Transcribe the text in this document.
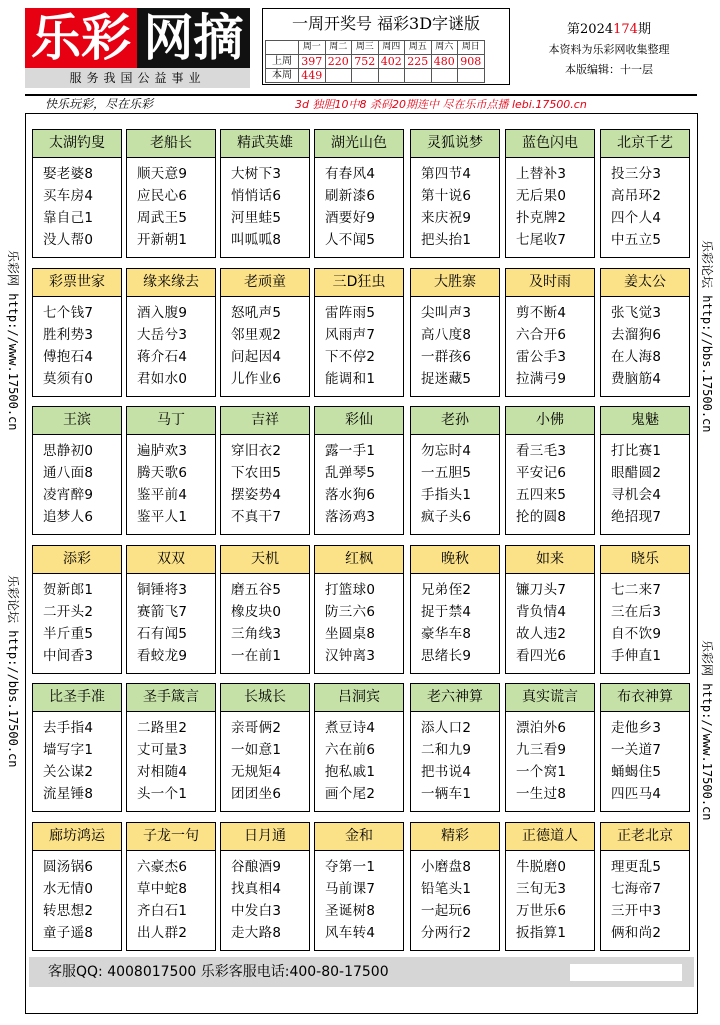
乐彩 网摘
服务我国公益事业
一周开奖号 福彩3D字谜版
	周一	周二	周三	周四	周五	周六	周日
上周	397	220	752	402	225	480	908
本周	449						
第2024174期
本资料为乐彩网收集整理
本版编辑：十一层
快乐玩彩，尽在乐彩	3d 独胆10中8 杀码20期连中 尽在乐币点播 lebi.17500.cn
太湖钓叟
娶老婆8
买车房4
靠自己1
没人帮0
老船长
顺天意9
应民心6
周武王5
开新朝1
精武英雄
大树下3
悄悄话6
河里蛙5
叫呱呱8
湖光山色
有春风4
刷新漆6
酒要好9
人不闻5
灵狐说梦
第四节4
第十说6
来庆祝9
把头抬1
蓝色闪电
上替补3
无后果0
扑克牌2
七尾收7
北京千艺
投三分3
高吊环2
四个人4
中五立5
彩票世家
七个钱7
胜利势3
傅抱石4
莫须有0
缘来缘去
酒入腹9
大岳兮3
蒋介石4
君如水0
老顽童
怒吼声5
邻里观2
问起因4
儿作业6
三D狂虫
雷阵雨5
风雨声7
下不停2
能调和1
大胜寨
尖叫声3
高八度8
一群孩6
捉迷藏5
及时雨
剪不断4
六合开6
雷公手3
拉满弓9
姜太公
张飞觉3
去溜狗6
在人海8
费脑筋4
王滨
思静初0
通八面8
凌宵醉9
追梦人6
马丁
遍胪欢3
腾天歌6
鉴平前4
鉴平人1
吉祥
穿旧衣2
下农田5
摆姿势4
不真干7
彩仙
露一手1
乱弹琴5
落水狗6
落汤鸡3
老孙
勿忘时4
一五胆5
手指头1
疯子头6
小佛
看三毛3
平安记6
五四来5
抡的圆8
鬼魅
打比赛1
眼醋圆2
寻机会4
绝招现7
添彩
贺新郎1
二开头2
半斤重5
中间香3
双双
铜锤将3
赛箭飞7
石有闻5
看蛟龙9
天机
磨五谷5
橡皮块0
三角线3
一在前1
红枫
打篮球0
防三六6
坐圆桌8
汉钟离3
晚秋
兄弟侄2
捉于禁4
豪华车8
思绪长9
如来
镰刀头7
背负情4
故人违2
看四光6
晓乐
七二来7
三在后3
自不饮9
手伸直1
比圣手准
去手指4
墙写字1
关公谋2
流星锤8
圣手箴言
二路里2
丈可量3
对相随4
头一个1
长城长
亲哥俩2
一如意1
无规矩4
团团坐6
吕洞宾
煮豆诗4
六在前6
抱私戚1
画个尾2
老六神算
添人口2
二和九9
把书说4
一辆车1
真实谎言
漂泊外6
九三看9
一个窝1
一生过8
布衣神算
走他乡3
一关道7
蛹蝎住5
四匹马4
廊坊鸿运
圆汤锅6
水无情0
转思想2
童子遥8
子龙一句
六豪杰6
草中蛇8
齐白石1
出人群2
日月通
谷酿酒9
找真相4
中发白3
走大路8
金和
夺第一1
马前课7
圣诞树8
风车转4
精彩
小磨盘8
铅笔头1
一起玩6
分两行2
正德道人
牛脱磨0
三旬无3
万世乐6
扳指算1
正老北京
理更乱5
七海帝7
三开中3
俩和尚2
客服QQ: 4008017500 乐彩客服电话:400-80-17500
乐彩网 http://www.17500.cn
乐彩论坛 http://bbs.17500.cn
乐彩论坛 http://bbs.17500.cn
乐彩网 http://www.17500.cn
